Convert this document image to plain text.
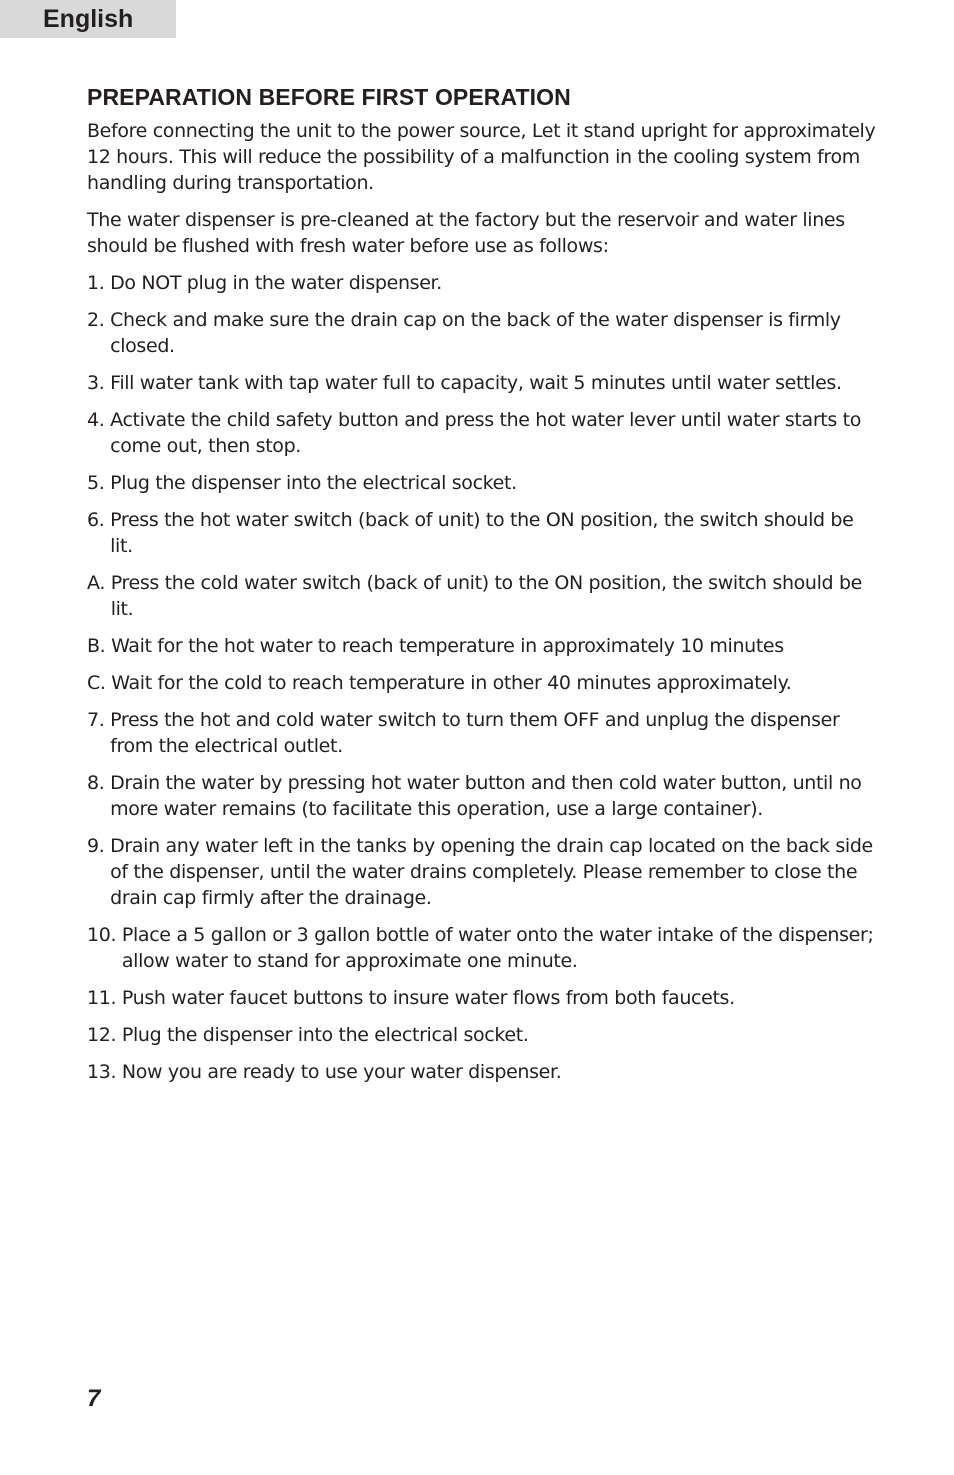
English
PREPARATION BEFORE FIRST OPERATION

Before connecting the unit to the power source, Let it stand upright for approximately 12 hours. This will reduce the possibility of a malfunction in the cooling system from handling during transportation.

The water dispenser is pre-cleaned at the factory but the reservoir and water lines should be flushed with fresh water before use as follows:

1. Do NOT plug in the water dispenser.
2. Check and make sure the drain cap on the back of the water dispenser is firmly closed.
3. Fill water tank with tap water full to capacity, wait 5 minutes until water settles.
4. Activate the child safety button and press the hot water lever until water starts to come out, then stop.
5. Plug the dispenser into the electrical socket.
6. Press the hot water switch (back of unit) to the ON position, the switch should be lit.
A. Press the cold water switch (back of unit) to the ON position, the switch should be lit.
B. Wait for the hot water to reach temperature in approximately 10 minutes
C. Wait for the cold to reach temperature in other 40 minutes approximately.
7. Press the hot and cold water switch to turn them OFF and unplug the dispenser from the electrical outlet.
8. Drain the water by pressing hot water button and then cold water button, until no more water remains (to facilitate this operation, use a large container).
9. Drain any water left in the tanks by opening the drain cap located on the back side of the dispenser, until the water drains completely. Please remember to close the drain cap firmly after the drainage.
10. Place a 5 gallon or 3 gallon bottle of water onto the water intake of the dispenser; allow water to stand for approximate one minute.
11. Push water faucet buttons to insure water flows from both faucets.
12. Plug the dispenser into the electrical socket.
13. Now you are ready to use your water dispenser.
7
